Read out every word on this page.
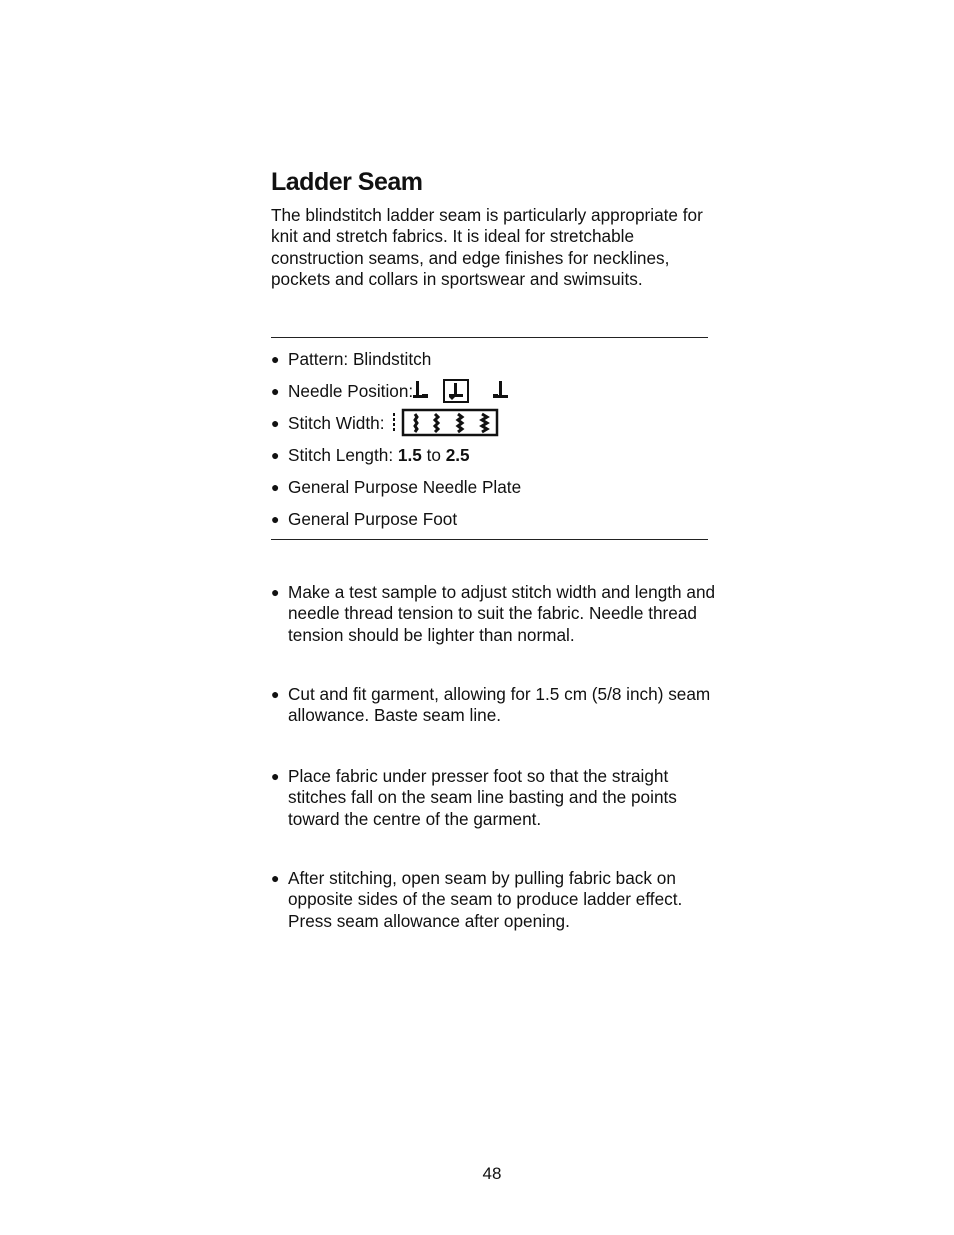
Ladder Seam

The blindstitch ladder seam is particularly appropriate for knit and stretch fabrics. It is ideal for stretchable construction seams, and edge finishes for necklines, pockets and collars in sportswear and swimsuits.

● Pattern: Blindstitch
● Needle Position:
● Stitch Width:
● Stitch Length:
1.5
to
2.5
● General Purpose Needle Plate
● General Purpose Foot
● Make a test sample to adjust stitch width and length and needle thread tension to suit the fabric. Needle thread tension should be lighter than normal.
● Cut and fit garment, allowing for 1.5 cm (5/8 inch) seam allowance. Baste seam line.
● Place fabric under presser foot so that the straight stitches fall on the seam line basting and the points toward the centre of the garment.
● After stitching, open seam by pulling fabric back on opposite sides of the seam to produce ladder effect. Press seam allowance after opening.
48
